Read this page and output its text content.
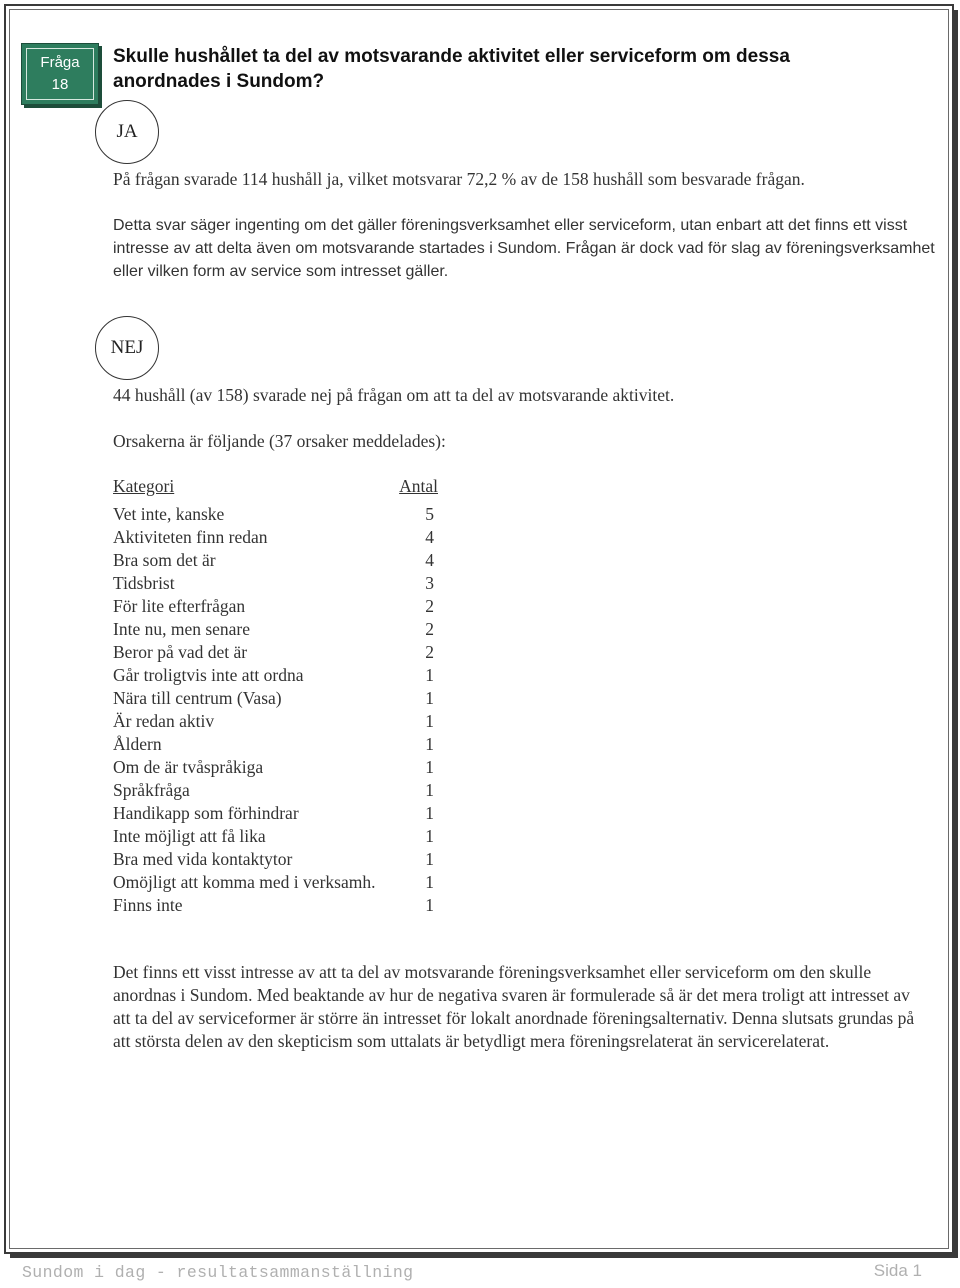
Fråga
18
Skulle hushållet ta del av motsvarande aktivitet eller serviceform om dessa anordnades i Sundom?
JA
På frågan svarade 114 hushåll ja, vilket motsvarar 72,2 % av de 158 hushåll som besvarade frågan.
Detta svar säger ingenting om det gäller föreningsverksamhet eller serviceform, utan enbart att det finns ett visst intresse av att delta även om motsvarande startades i Sundom. Frågan är dock vad för slag av föreningsverksamhet eller vilken form av service som intresset gäller.
NEJ
44 hushåll (av 158) svarade nej på frågan om att ta del av motsvarande aktivitet.
Orsakerna är följande (37 orsaker meddelades):
Kategori	Antal
Vet inte, kanske	5
Aktiviteten finn redan	4
Bra som det är	4
Tidsbrist	3
För lite efterfrågan	2
Inte nu, men senare	2
Beror på vad det är	2
Går troligtvis inte att ordna	1
Nära till centrum (Vasa)	1
Är redan aktiv	1
Åldern	1
Om de är tvåspråkiga	1
Språkfråga	1
Handikapp som förhindrar	1
Inte möjligt att få lika	1
Bra med vida kontaktytor	1
Omöjligt att komma med i verksamh.	1
Finns inte	1
Det finns ett visst intresse av att ta del av motsvarande föreningsverksamhet eller serviceform om den skulle anordnas i Sundom. Med beaktande av hur de negativa svaren är formulerade så är det mera troligt att intresset av att ta del av serviceformer är större än intresset för lokalt anordnade föreningsalternativ. Denna slutsats grundas på att största delen av den skepticism som uttalats är betydligt mera föreningsrelaterat än servicerelaterat.
Sundom i dag - resultatsammanställning	Sida 1
